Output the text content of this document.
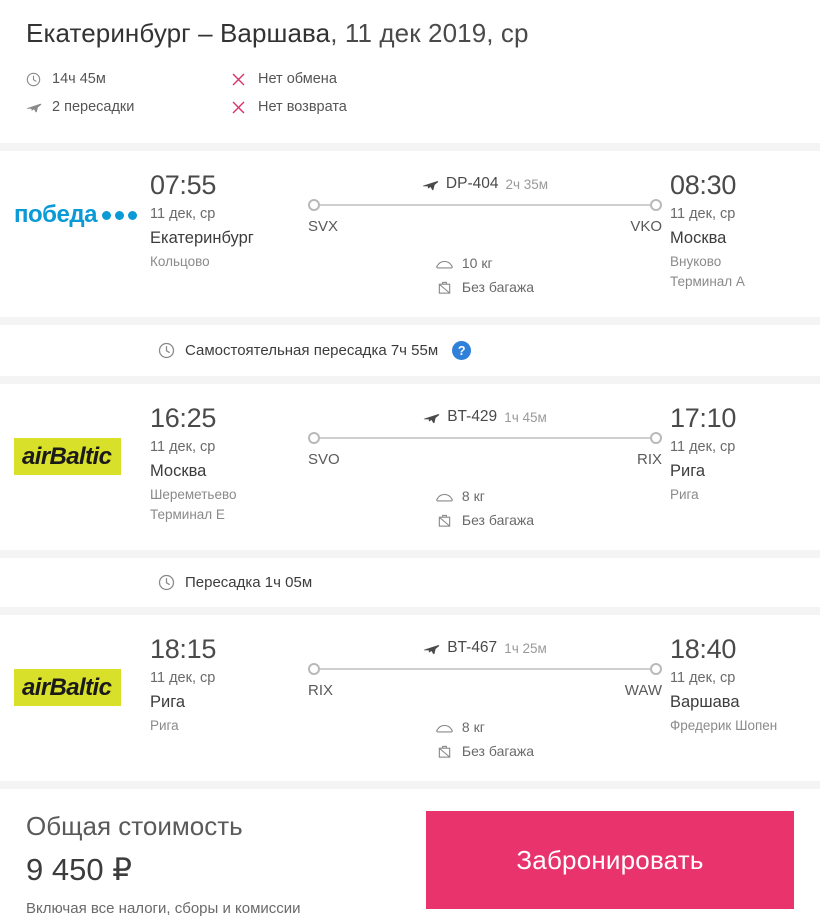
Екатеринбург – Варшава, 11 дек 2019, ср
14ч 45м
2 пересадки
Нет обмена
Нет возврата
победа
07:55
11 дек, ср
Екатеринбург
Кольцово
DP-404 2ч 35м
SVX	VKO
10 кг
Без багажа
08:30
11 дек, ср
Москва
Внуково
Терминал A
Самостоятельная пересадка 7ч 55м	?
airBaltic
16:25
11 дек, ср
Москва
Шереметьево
Терминал E
BT-429 1ч 45м
SVO	RIX
8 кг
Без багажа
17:10
11 дек, ср
Рига
Рига
Пересадка 1ч 05м
airBaltic
18:15
11 дек, ср
Рига
Рига
BT-467 1ч 25м
RIX	WAW
8 кг
Без багажа
18:40
11 дек, ср
Варшава
Фредерик Шопен
Общая стоимость
9 450 ₽
Включая все налоги, сборы и комиссии
Забронировать
